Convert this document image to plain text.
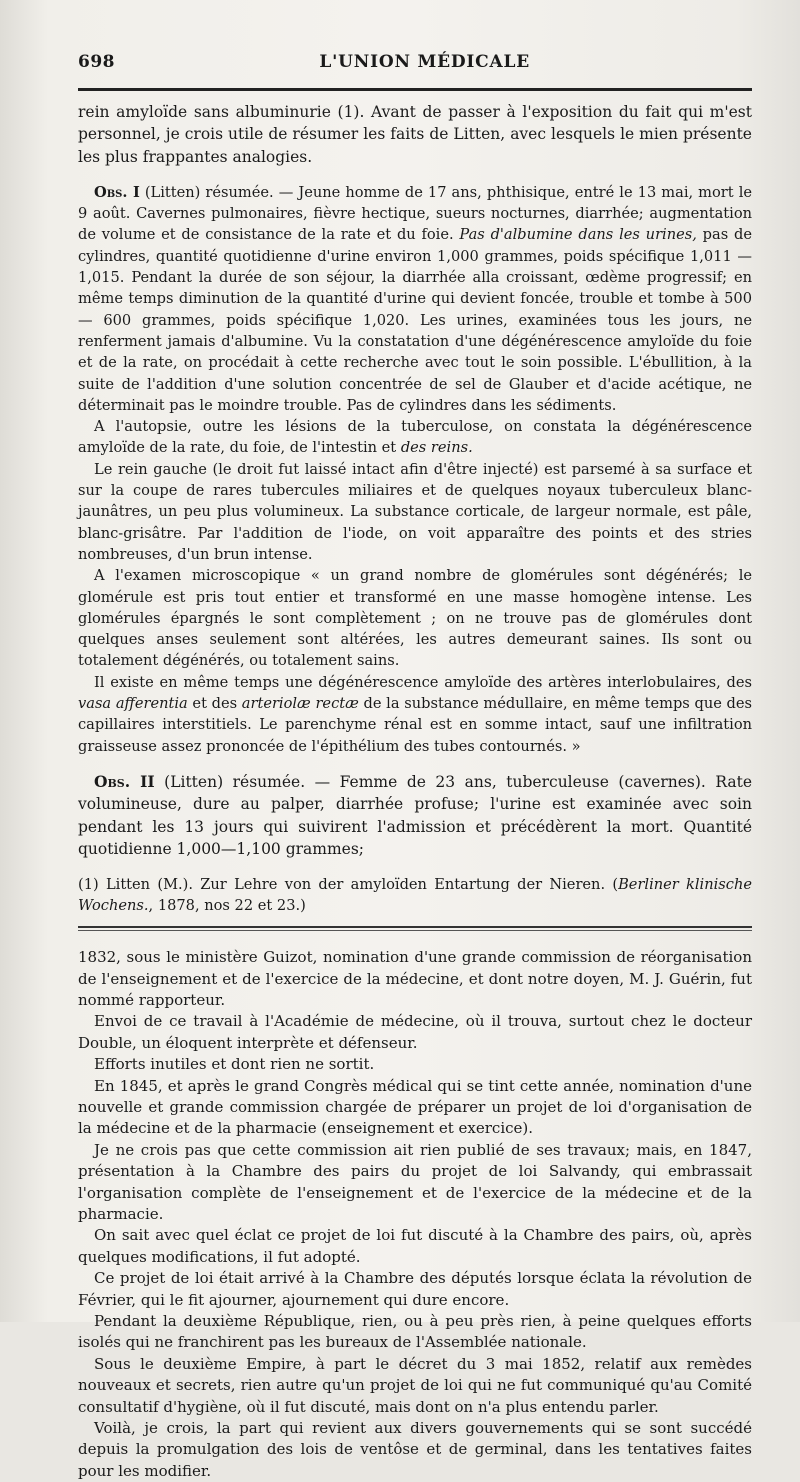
698	L'UNION MÉDICALE

rein amyloïde sans albuminurie (1). Avant de passer à l'exposition du fait qui m'est personnel, je crois utile de résumer les faits de Litten, avec lesquels le mien présente les plus frappantes analogies.

Obs. I (Litten) résumée. — Jeune homme de 17 ans, phthisique, entré le 13 mai, mort le 9 août. Cavernes pulmonaires, fièvre hectique, sueurs nocturnes, diarrhée; augmentation de volume et de consistance de la rate et du foie. Pas d'albumine dans les urines, pas de cylindres, quantité quotidienne d'urine environ 1,000 grammes, poids spécifique 1,011 — 1,015. Pendant la durée de son séjour, la diarrhée alla croissant, œdème progressif; en même temps diminution de la quantité d'urine qui devient foncée, trouble et tombe à 500 — 600 grammes, poids spécifique 1,020. Les urines, examinées tous les jours, ne renferment jamais d'albumine. Vu la constatation d'une dégénérescence amyloïde du foie et de la rate, on procédait à cette recherche avec tout le soin possible. L'ébullition, à la suite de l'addition d'une solution concentrée de sel de Glauber et d'acide acétique, ne déterminait pas le moindre trouble. Pas de cylindres dans les sédiments.

A l'autopsie, outre les lésions de la tuberculose, on constata la dégénérescence amyloïde de la rate, du foie, de l'intestin et des reins.

Le rein gauche (le droit fut laissé intact afin d'être injecté) est parsemé à sa surface et sur la coupe de rares tubercules miliaires et de quelques noyaux tuberculeux blanc-jaunâtres, un peu plus volumineux. La substance corticale, de largeur normale, est pâle, blanc-grisâtre. Par l'addition de l'iode, on voit apparaître des points et des stries nombreuses, d'un brun intense.

A l'examen microscopique « un grand nombre de glomérules sont dégénérés; le glomérule est pris tout entier et transformé en une masse homogène intense. Les glomérules épargnés le sont complètement ; on ne trouve pas de glomérules dont quelques anses seulement sont altérées, les autres demeurant saines. Ils sont ou totalement dégénérés, ou totalement sains.

Il existe en même temps une dégénérescence amyloïde des artères interlobulaires, des vasa afferentia et des arteriolæ rectæ de la substance médullaire, en même temps que des capillaires interstitiels. Le parenchyme rénal est en somme intact, sauf une infiltration graisseuse assez prononcée de l'épithélium des tubes contournés. »

Obs. II (Litten) résumée. — Femme de 23 ans, tuberculeuse (cavernes). Rate volumineuse, dure au palper, diarrhée profuse; l'urine est examinée avec soin pendant les 13 jours qui suivirent l'admission et précédèrent la mort. Quantité quotidienne 1,000—1,100 grammes;

(1) Litten (M.). Zur Lehre von der amyloïden Entartung der Nieren. (Berliner klinische Wochens., 1878, nos 22 et 23.)

1832, sous le ministère Guizot, nomination d'une grande commission de réorganisation de l'enseignement et de l'exercice de la médecine, et dont notre doyen, M. J. Guérin, fut nommé rapporteur.

Envoi de ce travail à l'Académie de médecine, où il trouva, surtout chez le docteur Double, un éloquent interprète et défenseur.

Efforts inutiles et dont rien ne sortit.

En 1845, et après le grand Congrès médical qui se tint cette année, nomination d'une nouvelle et grande commission chargée de préparer un projet de loi d'organisation de la médecine et de la pharmacie (enseignement et exercice).

Je ne crois pas que cette commission ait rien publié de ses travaux; mais, en 1847, présentation à la Chambre des pairs du projet de loi Salvandy, qui embrassait l'organisation complète de l'enseignement et de l'exercice de la médecine et de la pharmacie.

On sait avec quel éclat ce projet de loi fut discuté à la Chambre des pairs, où, après quelques modifications, il fut adopté.

Ce projet de loi était arrivé à la Chambre des députés lorsque éclata la révolution de Février, qui le fit ajourner, ajournement qui dure encore.

Pendant la deuxième République, rien, ou à peu près rien, à peine quelques efforts isolés qui ne franchirent pas les bureaux de l'Assemblée nationale.

Sous le deuxième Empire, à part le décret du 3 mai 1852, relatif aux remèdes nouveaux et secrets, rien autre qu'un projet de loi qui ne fut communiqué qu'au Comité consultatif d'hygiène, où il fut discuté, mais dont on n'a plus entendu parler.

Voilà, je crois, la part qui revient aux divers gouvernements qui se sont succédé depuis la promulgation des lois de ventôse et de germinal, dans les tentatives faites pour les modifier.
